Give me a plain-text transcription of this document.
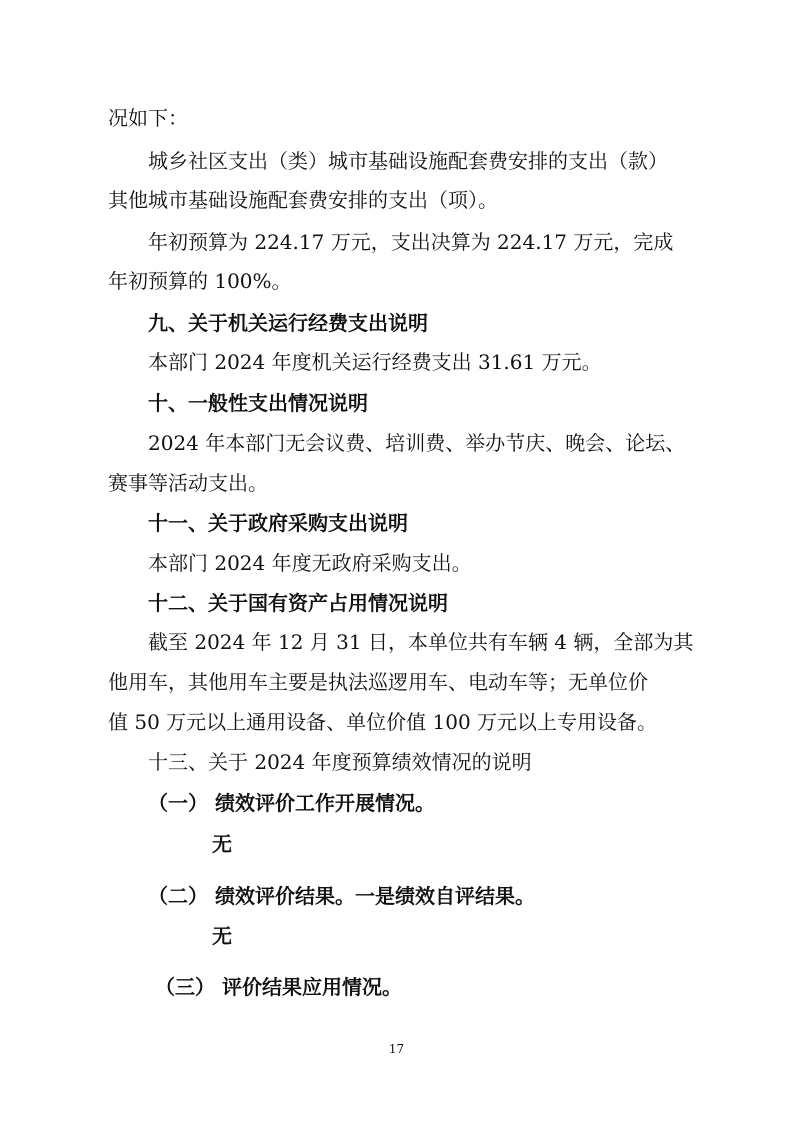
况如下：
城乡社区支出（类）城市基础设施配套费安排的支出（款）
其他城市基础设施配套费安排的支出（项）。
年初预算为 224.17 万元，支出决算为 224.17 万元，完成
年初预算的 100%。
九、关于机关运行经费支出说明
本部门 2024 年度机关运行经费支出 31.61 万元。
十、一般性支出情况说明
2024 年本部门无会议费、培训费、举办节庆、晚会、论坛、
赛事等活动支出。
十一、关于政府采购支出说明
本部门 2024 年度无政府采购支出。
十二、关于国有资产占用情况说明
截至 2024 年 12 月 31 日，本单位共有车辆 4 辆，全部为其
他用车，其他用车主要是执法巡逻用车、电动车等；无单位价
值 50 万元以上通用设备、单位价值 100 万元以上专用设备。
十三、关于 2024 年度预算绩效情况的说明
（一） 绩效评价工作开展情况。
无
（二） 绩效评价结果。一是绩效自评结果。
无
（三） 评价结果应用情况。
17
